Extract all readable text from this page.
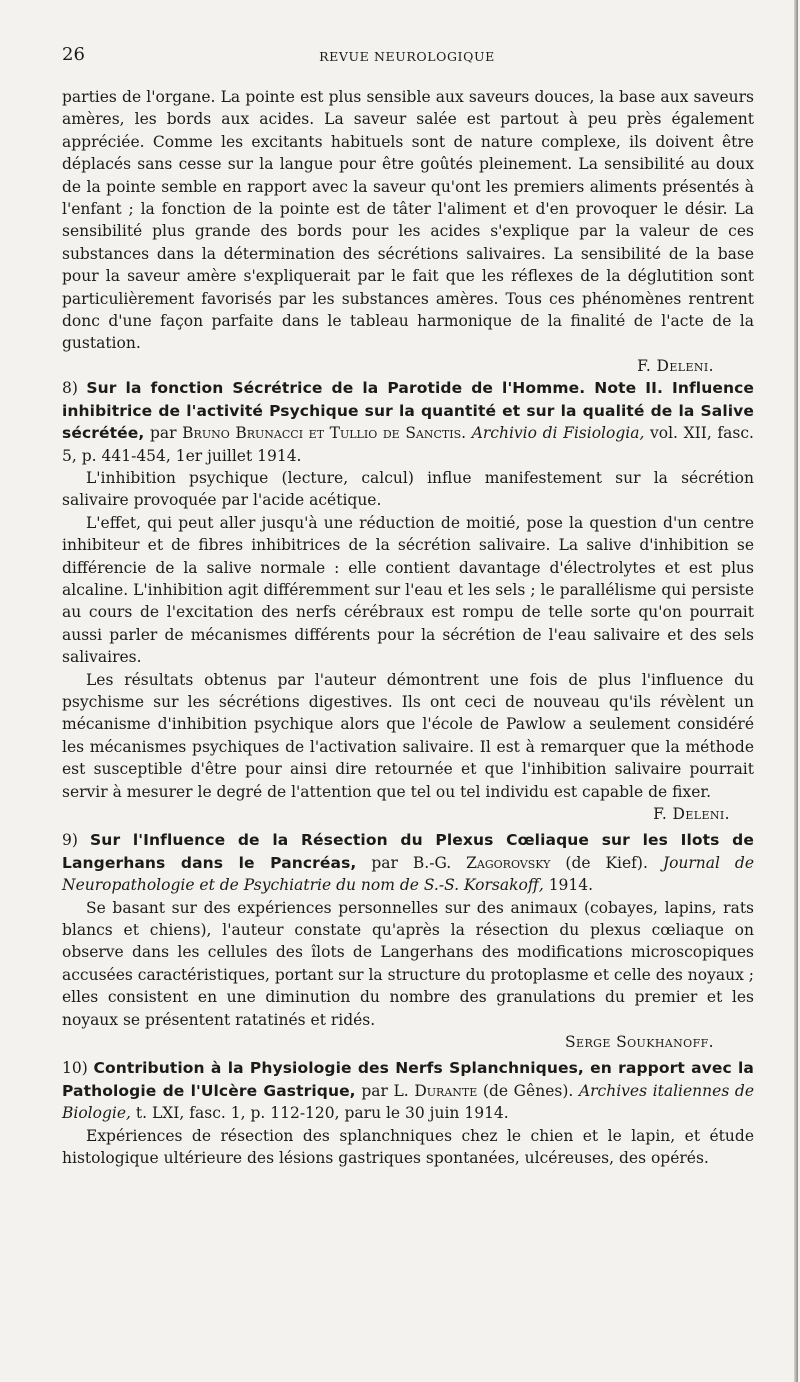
26	REVUE NEUROLOGIQUE

parties de l'organe. La pointe est plus sensible aux saveurs douces, la base aux saveurs amères, les bords aux acides. La saveur salée est partout à peu près également appréciée. Comme les excitants habituels sont de nature complexe, ils doivent être déplacés sans cesse sur la langue pour être goûtés pleinement. La sensibilité au doux de la pointe semble en rapport avec la saveur qu'ont les premiers aliments présentés à l'enfant ; la fonction de la pointe est de tâter l'aliment et d'en provoquer le désir. La sensibilité plus grande des bords pour les acides s'explique par la valeur de ces substances dans la détermination des sécrétions salivaires. La sensibilité de la base pour la saveur amère s'expliquerait par le fait que les réflexes de la déglutition sont particulièrement favorisés par les substances amères. Tous ces phénomènes rentrent donc d'une façon parfaite dans le tableau harmonique de la finalité de l'acte de la gustation.

F. Deleni.

8) Sur la fonction Sécrétrice de la Parotide de l'Homme. Note II. Influence inhibitrice de l'activité Psychique sur la quantité et sur la qualité de la Salive sécrétée, par Bruno Brunacci et Tullio de Sanctis. Archivio di Fisiologia, vol. XII, fasc. 5, p. 441-454, 1er juillet 1914.

L'inhibition psychique (lecture, calcul) influe manifestement sur la sécrétion salivaire provoquée par l'acide acétique.

L'effet, qui peut aller jusqu'à une réduction de moitié, pose la question d'un centre inhibiteur et de fibres inhibitrices de la sécrétion salivaire. La salive d'inhibition se différencie de la salive normale : elle contient davantage d'électrolytes et est plus alcaline. L'inhibition agit différemment sur l'eau et les sels ; le parallélisme qui persiste au cours de l'excitation des nerfs cérébraux est rompu de telle sorte qu'on pourrait aussi parler de mécanismes différents pour la sécrétion de l'eau salivaire et des sels salivaires.

Les résultats obtenus par l'auteur démontrent une fois de plus l'influence du psychisme sur les sécrétions digestives. Ils ont ceci de nouveau qu'ils révèlent un mécanisme d'inhibition psychique alors que l'école de Pawlow a seulement considéré les mécanismes psychiques de l'activation salivaire. Il est à remarquer que la méthode est susceptible d'être pour ainsi dire retournée et que l'inhibition salivaire pourrait servir à mesurer le degré de l'attention que tel ou tel individu est capable de fixer.
F. Deleni.

9) Sur l'Influence de la Résection du Plexus Cœliaque sur les Ilots de Langerhans dans le Pancréas, par B.-G. Zagorovsky (de Kief). Journal de Neuropathologie et de Psychiatrie du nom de S.-S. Korsakoff, 1914.

Se basant sur des expériences personnelles sur des animaux (cobayes, lapins, rats blancs et chiens), l'auteur constate qu'après la résection du plexus cœliaque on observe dans les cellules des îlots de Langerhans des modifications microscopiques accusées caractéristiques, portant sur la structure du protoplasme et celle des noyaux ; elles consistent en une diminution du nombre des granulations du premier et les noyaux se présentent ratatinés et ridés.

Serge Soukhanoff.

10) Contribution à la Physiologie des Nerfs Splanchniques, en rapport avec la Pathologie de l'Ulcère Gastrique, par L. Durante (de Gênes). Archives italiennes de Biologie, t. LXI, fasc. 1, p. 112-120, paru le 30 juin 1914.

Expériences de résection des splanchniques chez le chien et le lapin, et étude histologique ultérieure des lésions gastriques spontanées, ulcéreuses, des opérés.
